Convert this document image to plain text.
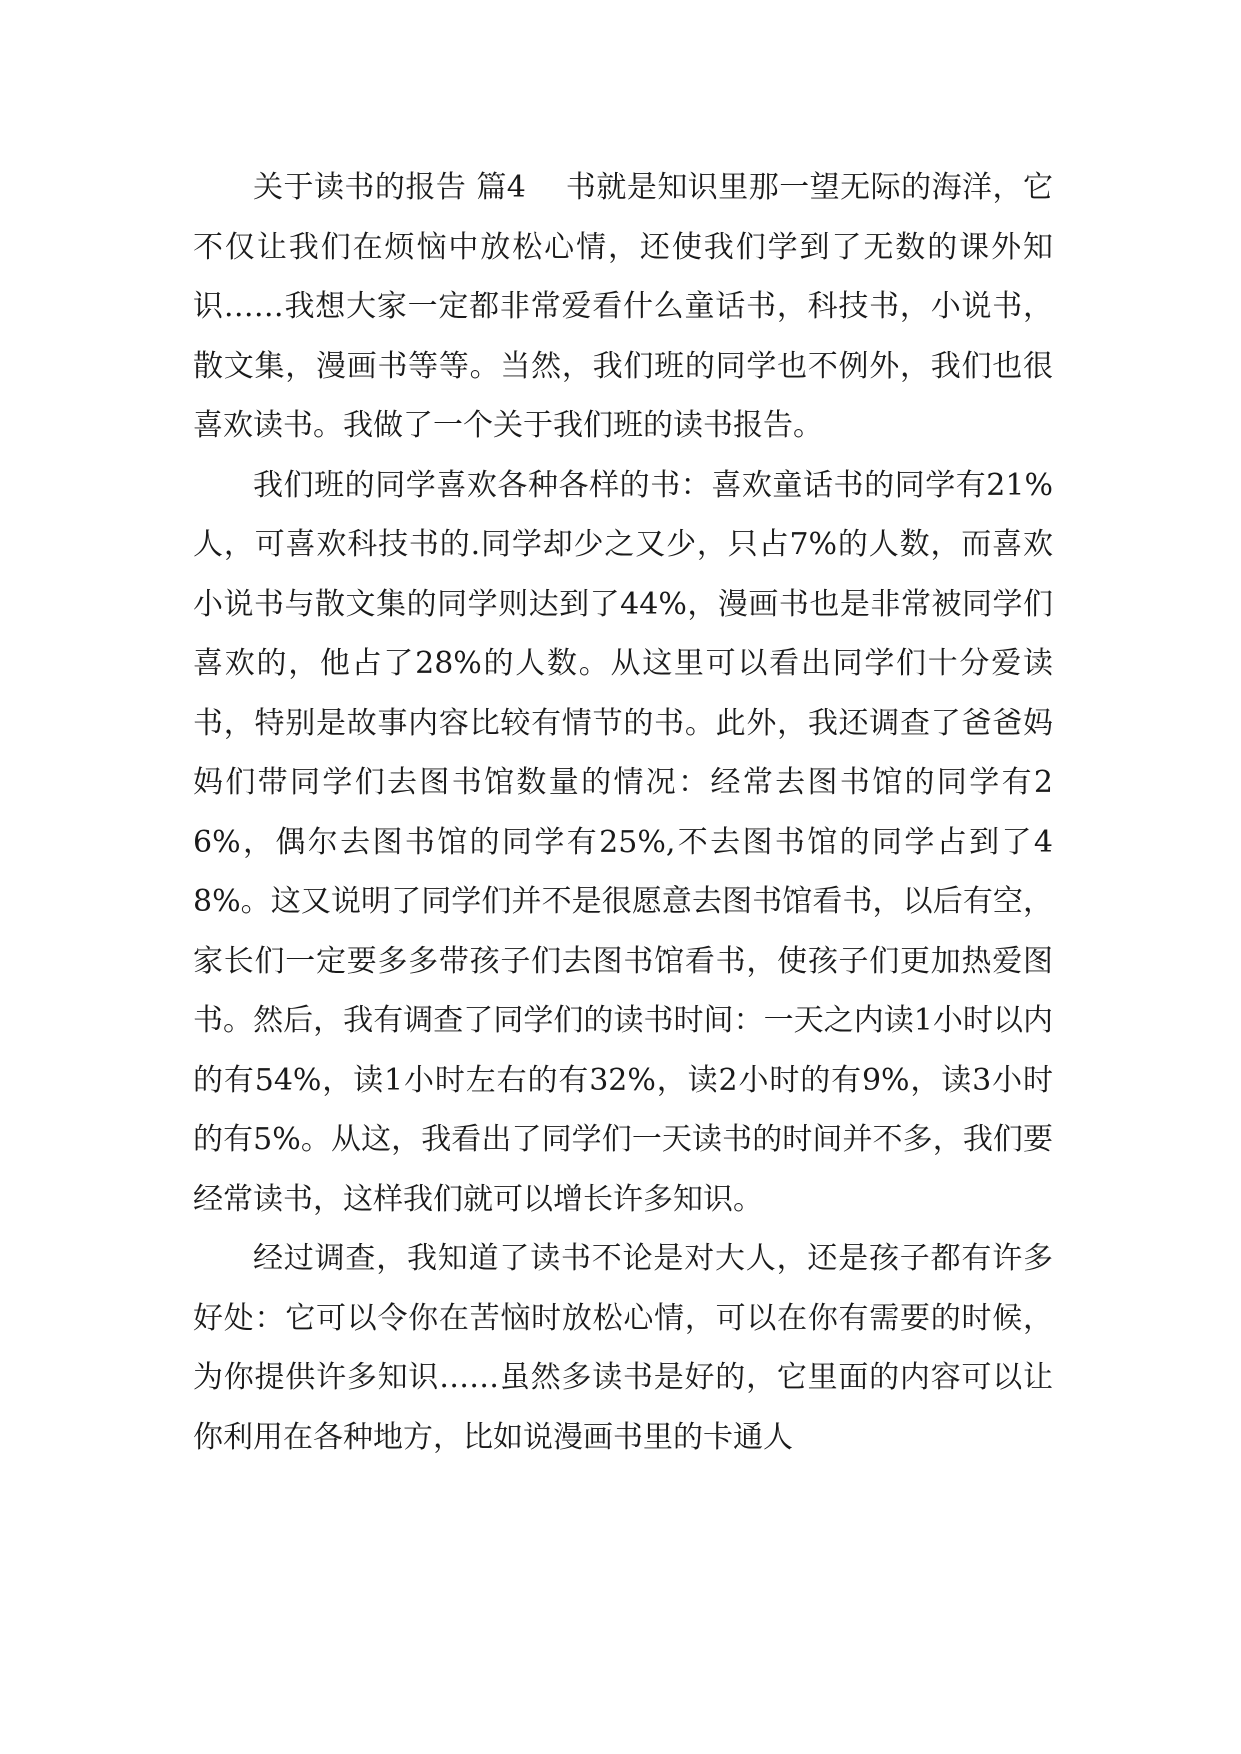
关于读书的报告 篇4    书就是知识里那一望无际的海洋，它不仅让我们在烦恼中放松心情，还使我们学到了无数的课外知识……我想大家一定都非常爱看什么童话书，科技书，小说书，散文集，漫画书等等。当然，我们班的同学也不例外，我们也很喜欢读书。我做了一个关于我们班的读书报告。

我们班的同学喜欢各种各样的书：喜欢童话书的同学有21%人，可喜欢科技书的.同学却少之又少，只占7%的人数，而喜欢小说书与散文集的同学则达到了44%，漫画书也是非常被同学们喜欢的，他占了28%的人数。从这里可以看出同学们十分爱读书，特别是故事内容比较有情节的书。此外，我还调查了爸爸妈妈们带同学们去图书馆数量的情况：经常去图书馆的同学有26%，偶尔去图书馆的同学有25%,不去图书馆的同学占到了48%。这又说明了同学们并不是很愿意去图书馆看书，以后有空，家长们一定要多多带孩子们去图书馆看书，使孩子们更加热爱图书。然后，我有调查了同学们的读书时间：一天之内读1小时以内的有54%，读1小时左右的有32%，读2小时的有9%，读3小时的有5%。从这，我看出了同学们一天读书的时间并不多，我们要经常读书，这样我们就可以增长许多知识。

经过调查，我知道了读书不论是对大人，还是孩子都有许多好处：它可以令你在苦恼时放松心情，可以在你有需要的时候，为你提供许多知识……虽然多读书是好的，它里面的内容可以让你利用在各种地方，比如说漫画书里的卡通人
